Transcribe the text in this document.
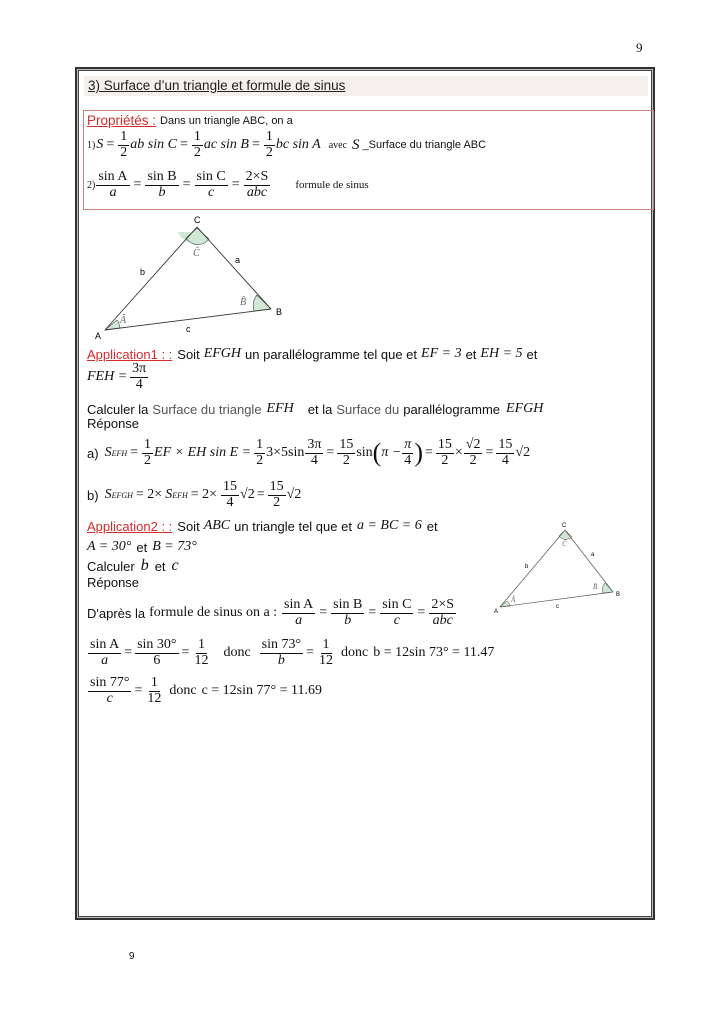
9
3) Surface d’un triangle et formule de sinus
Propriétés : Dans un triangle ABC, on a
1) $S = \frac{1}{2}$ ab $\sin C = \frac{1}{2}$ ac $\sin B = \frac{1}{2}$ bc sin A avec S _Surface du triangle ABC
$2) \frac{\text{sin A}}{a} = \frac{\text{sin B}}{b} = \frac{\text{sin C}}{c} = \frac{2\times S}{\text{abc}}$ formule de sinus
C
B
A
a
b
c
Ĉ
Â
B̂
Application1 : : Soit EFGH un parallélogramme tel que et EF = 3 et EH = 5 et
FEH = $\frac{3\pi}{4}$
Calculer la Surface du triangle EFH et la Surface du parallélogramme EFGH
Réponse
a) S EFH = $\frac{1}{2}$ EF × EH $\sin E = \frac{1}{2} 3\times 5\sin \frac{3\pi}{4} = \frac{15}{2}$ sin ( $\pi - \frac{\pi}{4}$ ) = $\frac{15}{2} \times \frac{√2}{2} = \frac{15}{4} √2$
b) S EFGH = 2× S EFH = $2\times \frac{15}{4} √2 = \frac{15}{2} √2$
Application2 : : Soit ABC un triangle tel que et a = BC = 6 et
A = 30° et B = 73°
Calculer b et c
Réponse
D'après la formule de sinus on a : $\frac{\text{sin A}}{a} = \frac{\text{sin B}}{b} = \frac{\text{sin C}}{c} = \frac{2\times S}{\text{abc}}$
C
B
A
a
b
c
Ĉ
Â
B̂
$\frac{\text{sin A}}{a} = \frac{\sin 30^\circ}{6} = \frac{1}{12}$ donc $\frac{\sin 73^\circ}{b} = \frac{1}{12}$ donc b = 12sin 73° = 11.47
$\frac{\sin 77^\circ}{c} = \frac{1}{12}$ donc c = 12sin 77° = 11.69
9
